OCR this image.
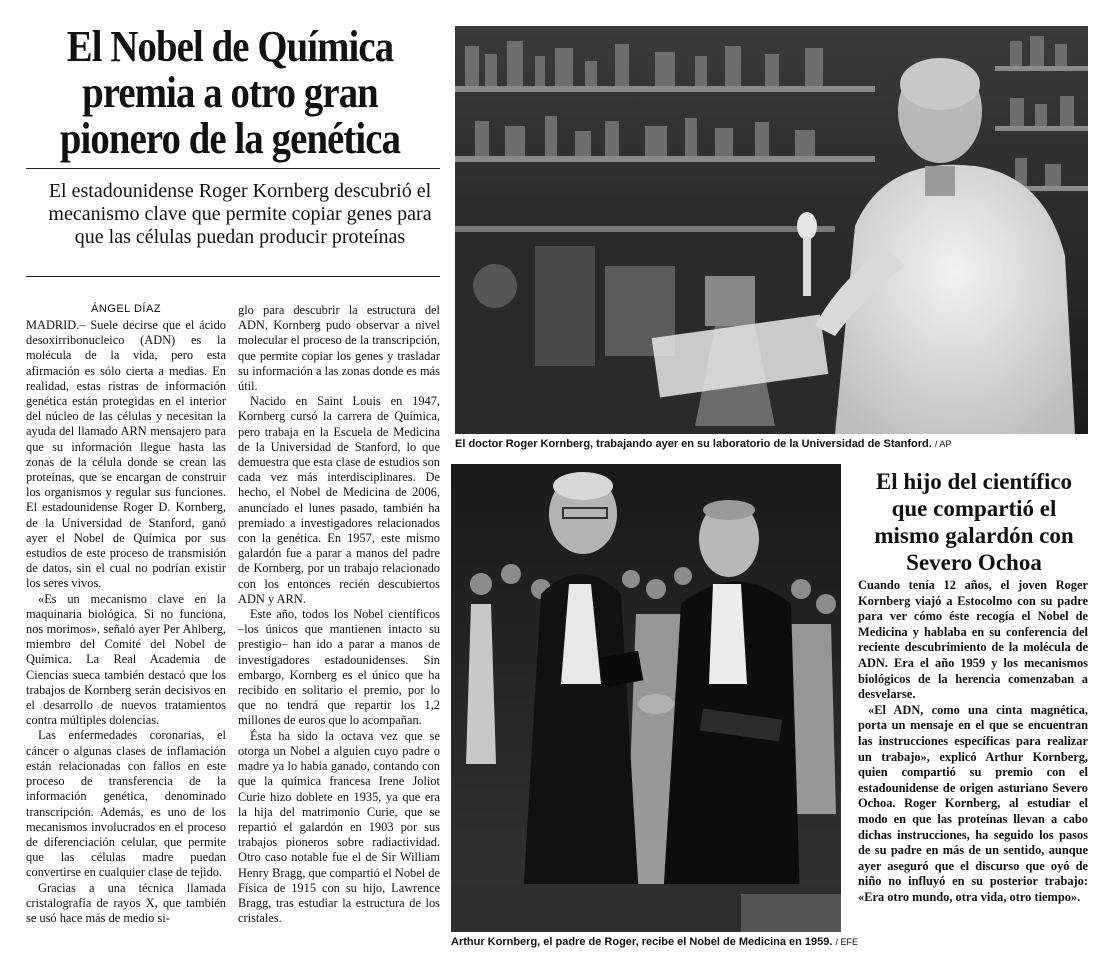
El Nobel de Química premia a otro gran pionero de la genética
El estadounidense Roger Kornberg descubrió el mecanismo clave que permite copiar genes para que las células puedan producir proteínas
ÁNGEL DÍAZ

MADRID.– Suele decirse que el ácido desoxirribonucleico (ADN) es la molécula de la vida, pero esta afirmación es sólo cierta a medias. En realidad, estas ristras de información genética están protegidas en el interior del núcleo de las células y necesitan la ayuda del llamado ARN mensajero para que su información llegue hasta las zonas de la célula donde se crean las proteínas, que se encargan de construir los organismos y regular sus funciones. El estadounidense Roger D. Kornberg, de la Universidad de Stanford, ganó ayer el Nobel de Química por sus estudios de este proceso de transmisión de datos, sin el cual no podrían existir los seres vivos.

«Es un mecanismo clave en la maquinaria biológica. Si no funciona, nos morimos», señaló ayer Per Ahlberg, miembro del Comité del Nobel de Química. La Real Academia de Ciencias sueca también destacó que los trabajos de Kornberg serán decisivos en el desarrollo de nuevos tratamientos contra múltiples dolencias.

Las enfermedades coronarias, el cáncer o algunas clases de inflamación están relacionadas con fallos en este proceso de transferencia de la información genética, denominado transcripción. Además, es uno de los mecanismos involucrados en el proceso de diferenciación celular, que permite que las células madre puedan convertirse en cualquier clase de tejido.

Gracias a una técnica llamada cristalografía de rayos X, que también se usó hace más de medio si-

glo para descubrir la estructura del ADN, Kornberg pudo observar a nivel molecular el proceso de la transcripción, que permite copiar los genes y trasladar su información a las zonas donde es más útil.

Nacido en Saint Louis en 1947, Kornberg cursó la carrera de Química, pero trabaja en la Escuela de Medicina de la Universidad de Stanford, lo que demuestra que esta clase de estudios son cada vez más interdisciplinares. De hecho, el Nobel de Medicina de 2006, anunciado el lunes pasado, también ha premiado a investigadores relacionados con la genética. En 1957, este mismo galardón fue a parar a manos del padre de Kornberg, por un trabajo relacionado con los entonces recién descubiertos ADN y ARN.

Este año, todos los Nobel científicos –los únicos que mantienen intacto su prestigio– han ido a parar a manos de investigadores estadounidenses. Sin embargo, Kornberg es el único que ha recibido en solitario el premio, por lo que no tendrá que repartir los 1,2 millones de euros que lo acompañan.

Ésta ha sido la octava vez que se otorga un Nobel a alguien cuyo padre o madre ya lo había ganado, contando con que la química francesa Irene Joliot Curie hizo doblete en 1935, ya que era la hija del matrimonio Curie, que se repartió el galardón en 1903 por sus trabajos pioneros sobre radiactividad. Otro caso notable fue el de Sir William Henry Bragg, que compartió el Nobel de Física de 1915 con su hijo, Lawrence Bragg, tras estudiar la estructura de los cristales.

El doctor Roger Kornberg, trabajando ayer en su laboratorio de la Universidad de Stanford. / AP
Arthur Kornberg, el padre de Roger, recibe el Nobel de Medicina en 1959. / EFE
El hijo del científico que compartió el mismo galardón con Severo Ochoa

Cuando tenía 12 años, el joven Roger Kornberg viajó a Estocolmo con su padre para ver cómo éste recogía el Nobel de Medicina y hablaba en su conferencia del reciente descubrimiento de la molécula de ADN. Era el año 1959 y los mecanismos biológicos de la herencia comenzaban a desvelarse.

«El ADN, como una cinta magnética, porta un mensaje en el que se encuentran las instrucciones específicas para realizar un trabajo», explicó Arthur Kornberg, quien compartió su premio con el estadounidense de origen asturiano Severo Ochoa. Roger Kornberg, al estudiar el modo en que las proteínas llevan a cabo dichas instrucciones, ha seguido los pasos de su padre en más de un sentido, aunque ayer aseguró que el discurso que oyó de niño no influyó en su posterior trabajo: «Era otro mundo, otra vida, otro tiempo».
